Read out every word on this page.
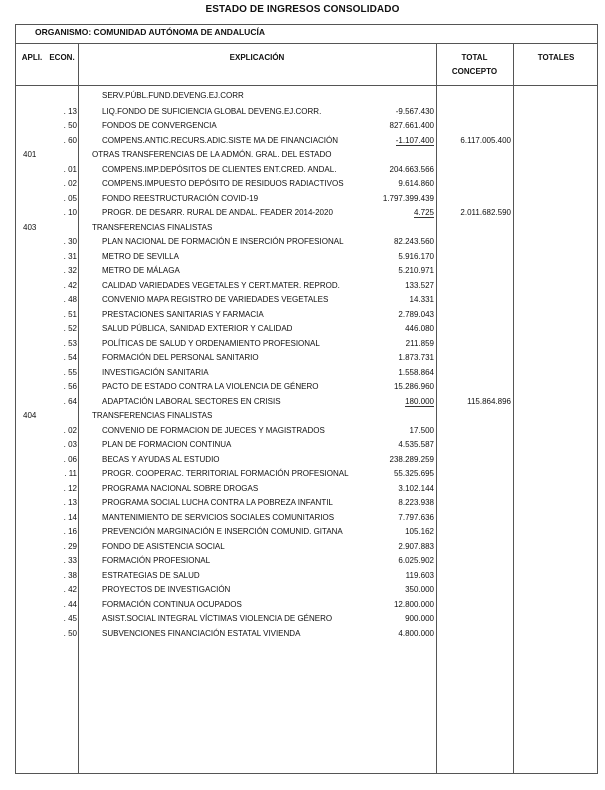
ESTADO DE INGRESOS CONSOLIDADO
ORGANISMO: COMUNIDAD AUTÓNOMA DE ANDALUCÍA
APLI. ECON.	EXPLICACIÓN	TOTAL
CONCEPTO
TOTALES
SERV.PÚBL.FUND.DEVENG.EJ.CORR
. 13	LIQ.FONDO DE SUFICIENCIA GLOBAL DEVENG.EJ.CORR.	-9.567.430
. 50	FONDOS DE CONVERGENCIA	827.661.400
. 60	COMPENS.ANTIC.RECURS.ADIC.SISTE MA DE FINANCIACIÓN	-1.107.400	6.117.005.400
401	OTRAS TRANSFERENCIAS DE LA ADMÓN. GRAL. DEL ESTADO
. 01	COMPENS.IMP.DEPÓSITOS DE CLIENTES ENT.CRED. ANDAL.	204.663.566
. 02	COMPENS.IMPUESTO DEPÓSITO DE RESIDUOS RADIACTIVOS	9.614.860
. 05	FONDO REESTRUCTURACIÓN COVID-19	1.797.399.439
. 10	PROGR. DE DESARR. RURAL DE ANDAL. FEADER 2014-2020	4.725	2.011.682.590
403	TRANSFERENCIAS FINALISTAS
. 30	PLAN NACIONAL DE FORMACIÓN E INSERCIÓN PROFESIONAL	82.243.560
. 31	METRO DE SEVILLA	5.916.170
. 32	METRO DE MÁLAGA	5.210.971
. 42	CALIDAD VARIEDADES VEGETALES Y CERT.MATER. REPROD.	133.527
. 48	CONVENIO MAPA REGISTRO DE VARIEDADES VEGETALES	14.331
. 51	PRESTACIONES SANITARIAS Y FARMACIA	2.789.043
. 52	SALUD PÚBLICA, SANIDAD EXTERIOR Y CALIDAD	446.080
. 53	POLÍTICAS DE SALUD Y ORDENAMIENTO PROFESIONAL	211.859
. 54	FORMACIÓN DEL PERSONAL SANITARIO	1.873.731
. 55	INVESTIGACIÓN SANITARIA	1.558.864
. 56	PACTO DE ESTADO CONTRA LA VIOLENCIA DE GÉNERO	15.286.960
. 64	ADAPTACIÓN LABORAL SECTORES EN CRISIS	180.000	115.864.896
404	TRANSFERENCIAS FINALISTAS
. 02	CONVENIO DE FORMACION DE JUECES Y MAGISTRADOS	17.500
. 03	PLAN DE FORMACION CONTINUA	4.535.587
. 06	BECAS Y AYUDAS AL ESTUDIO	238.289.259
. 11	PROGR. COOPERAC. TERRITORIAL FORMACIÓN PROFESIONAL	55.325.695
. 12	PROGRAMA NACIONAL SOBRE DROGAS	3.102.144
. 13	PROGRAMA SOCIAL LUCHA CONTRA LA POBREZA INFANTIL	8.223.938
. 14	MANTENIMIENTO DE SERVICIOS SOCIALES COMUNITARIOS	7.797.636
. 16	PREVENCIÓN MARGINACIÓN E INSERCIÓN COMUNID. GITANA	105.162
. 29	FONDO DE ASISTENCIA SOCIAL	2.907.883
. 33	FORMACIÓN PROFESIONAL	6.025.902
. 38	ESTRATEGIAS DE SALUD	119.603
. 42	PROYECTOS DE INVESTIGACIÓN	350.000
. 44	FORMACIÓN CONTINUA OCUPADOS	12.800.000
. 45	ASIST.SOCIAL INTEGRAL VÍCTIMAS VIOLENCIA DE GÉNERO	900.000
. 50	SUBVENCIONES FINANCIACIÓN ESTATAL VIVIENDA	4.800.000
